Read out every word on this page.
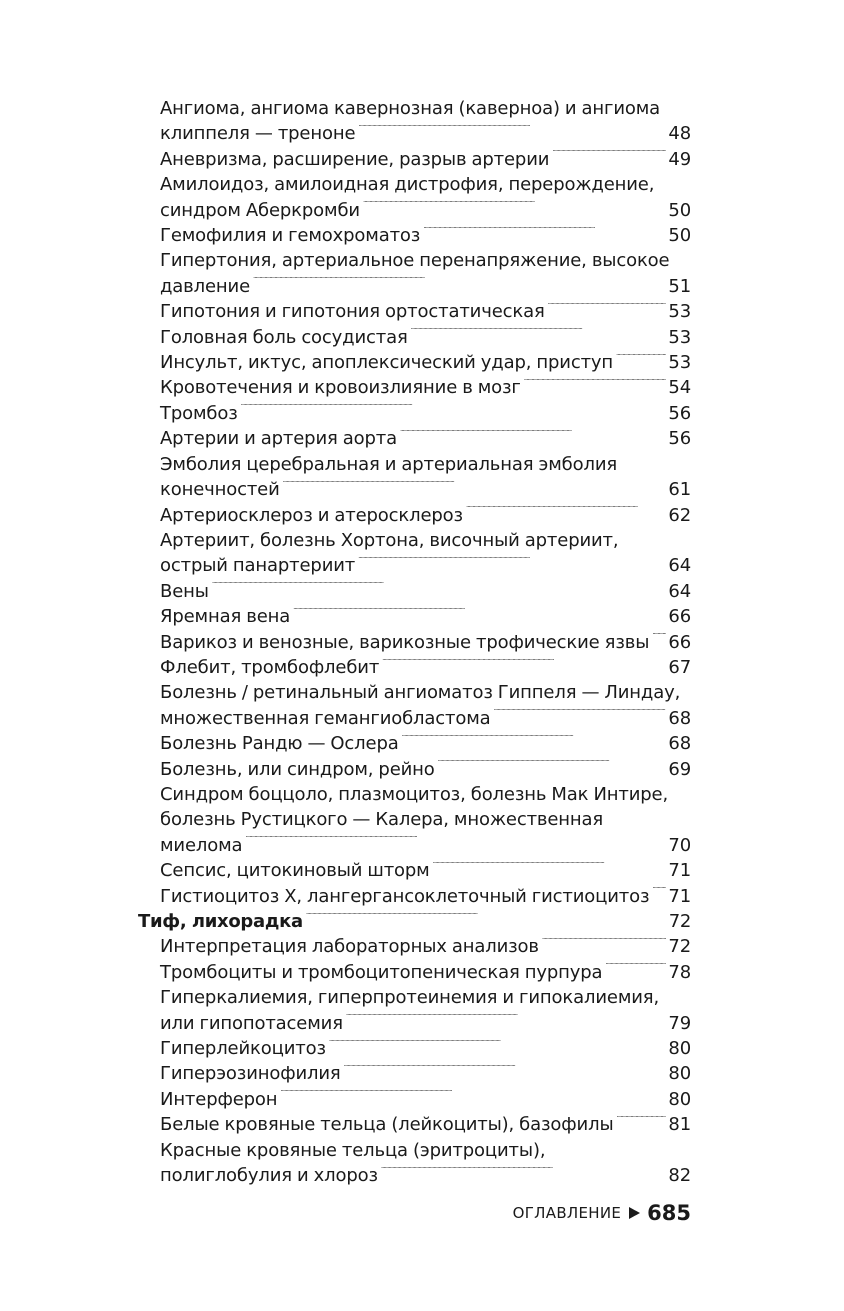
Ангиома, ангиома кавернозная (каверноа) и ангиома
клиппеля — треноне . . .	48
Аневризма, расширение, разрыв артерии . . .	49
Амилоидоз, амилоидная дистрофия, перерождение,
синдром Аберкромби . . .	50
Гемофилия и гемохроматоз . . .	50
Гипертония, артериальное перенапряжение, высокое
давление . . .	51
Гипотония и гипотония ортостатическая . . .	53
Головная боль сосудистая . . .	53
Инсульт, иктус, апоплексический удар, приступ . . .	53
Кровотечения и кровоизлияние в мозг . . .	54
Тромбоз . . .	56
Артерии и артерия аорта . . .	56
Эмболия церебральная и артериальная эмболия
конечностей . . .	61
Артериосклероз и атеросклероз . . .	62
Артериит, болезнь Хортона, височный артериит,
острый панартериит . . .	64
Вены . . .	64
Яремная вена . . .	66
Варикоз и венозные, варикозные трофические язвы . . . 66
Флебит, тромбофлебит . . .	67
Болезнь / ретинальный ангиоматоз Гиппеля — Линдау,
множественная гемангиобластома . . .	68
Болезнь Рандю — Ослера . . .	68
Болезнь, или синдром, рейно . . .	69
Синдром боццоло, плазмоцитоз, болезнь Мак Интире,
болезнь Рустицкого — Калера, множественная
миелома . . .	70
Сепсис, цитокиновый шторм . . .	71
Гистиоцитоз X, лангергансоклеточный гистиоцитоз . . . 71
Тиф, лихорадка . . .	72
Интерпретация лабораторных анализов . . .	72
Тромбоциты и тромбоцитопеническая пурпура . . .	78
Гиперкалиемия, гиперпротеинемия и гипокалиемия,
или гипопотасемия . . .	79
Гиперлейкоцитоз . . .	80
Гиперэозинофилия . . .	80
Интерферон . . .	80
Белые кровяные тельца (лейкоциты), базофилы . . .	81
Красные кровяные тельца (эритроциты),
полиглобулия и хлороз . . .	82
ОГЛАВЛЕНИЕ 685
